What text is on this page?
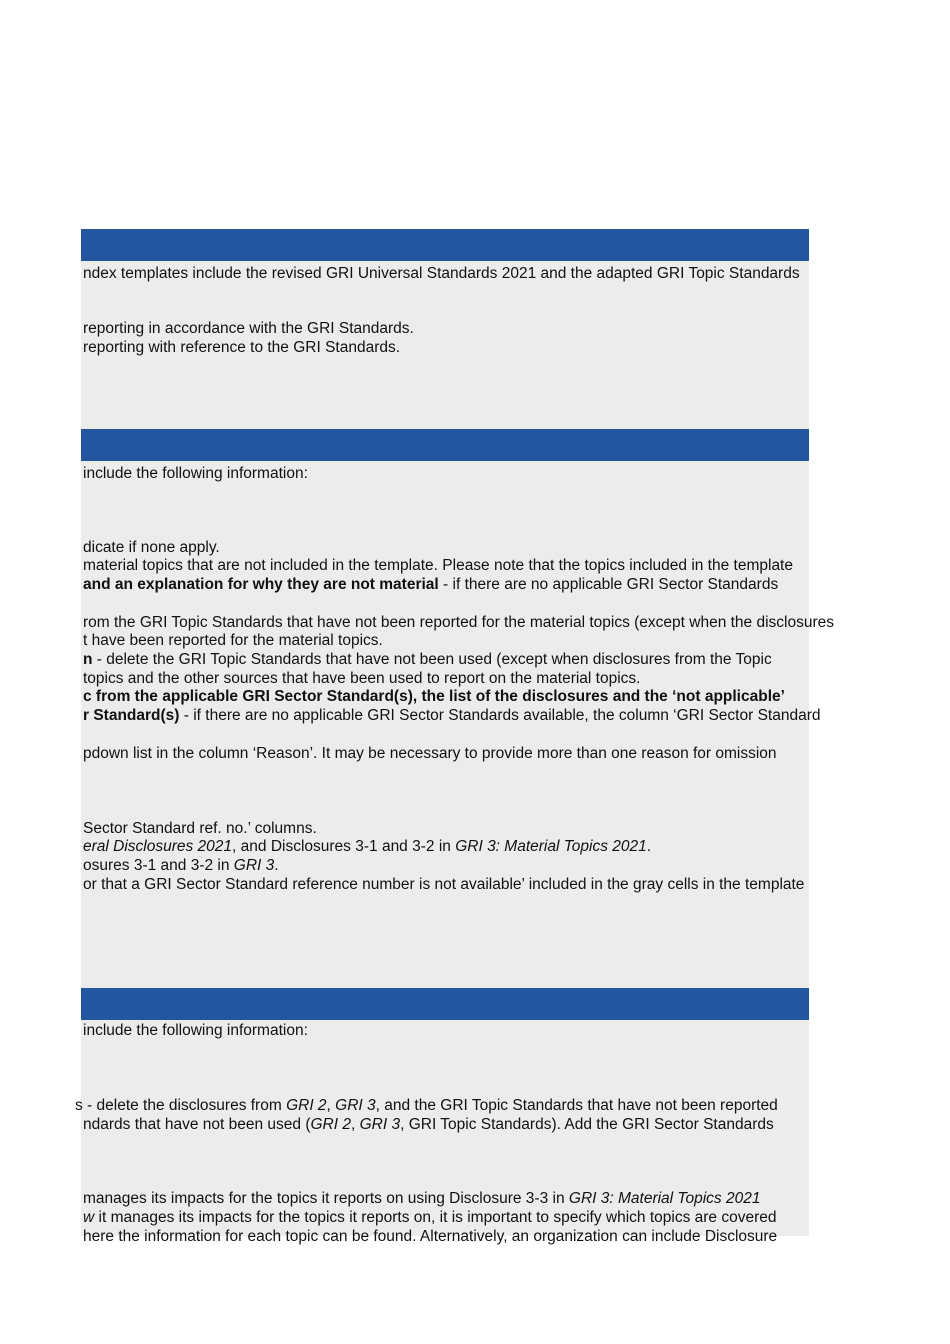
ndex templates include the revised GRI Universal Standards 2021 and the adapted GRI Topic Standards
reporting in accordance with the GRI Standards.
reporting with reference to the GRI Standards.
include the following information:
dicate if none apply.
material topics that are not included in the template. Please note that the topics included in the template
and an explanation for why they are not material - if there are no applicable GRI Sector Standards
rom the GRI Topic Standards that have not been reported for the material topics (except when the disclosures
t have been reported for the material topics.
n - delete the GRI Topic Standards that have not been used (except when disclosures from the Topic
topics and the other sources that have been used to report on the material topics.
c from the applicable GRI Sector Standard(s), the list of the disclosures and the ‘not applicable’
r Standard(s) - if there are no applicable GRI Sector Standards available, the column ‘GRI Sector Standard
pdown list in the column ‘Reason’. It may be necessary to provide more than one reason for omission
Sector Standard ref. no.’ columns.
eral Disclosures 2021, and Disclosures 3-1 and 3-2 in GRI 3: Material Topics 2021.
osures 3-1 and 3-2 in GRI 3.
or that a GRI Sector Standard reference number is not available’ included in the gray cells in the template
include the following information:
s - delete the disclosures from GRI 2, GRI 3, and the GRI Topic Standards that have not been reported
ndards that have not been used (GRI 2, GRI 3, GRI Topic Standards). Add the GRI Sector Standards
manages its impacts for the topics it reports on using Disclosure 3-3 in GRI 3: Material Topics 2021
w it manages its impacts for the topics it reports on, it is important to specify which topics are covered
here the information for each topic can be found. Alternatively, an organization can include Disclosure
